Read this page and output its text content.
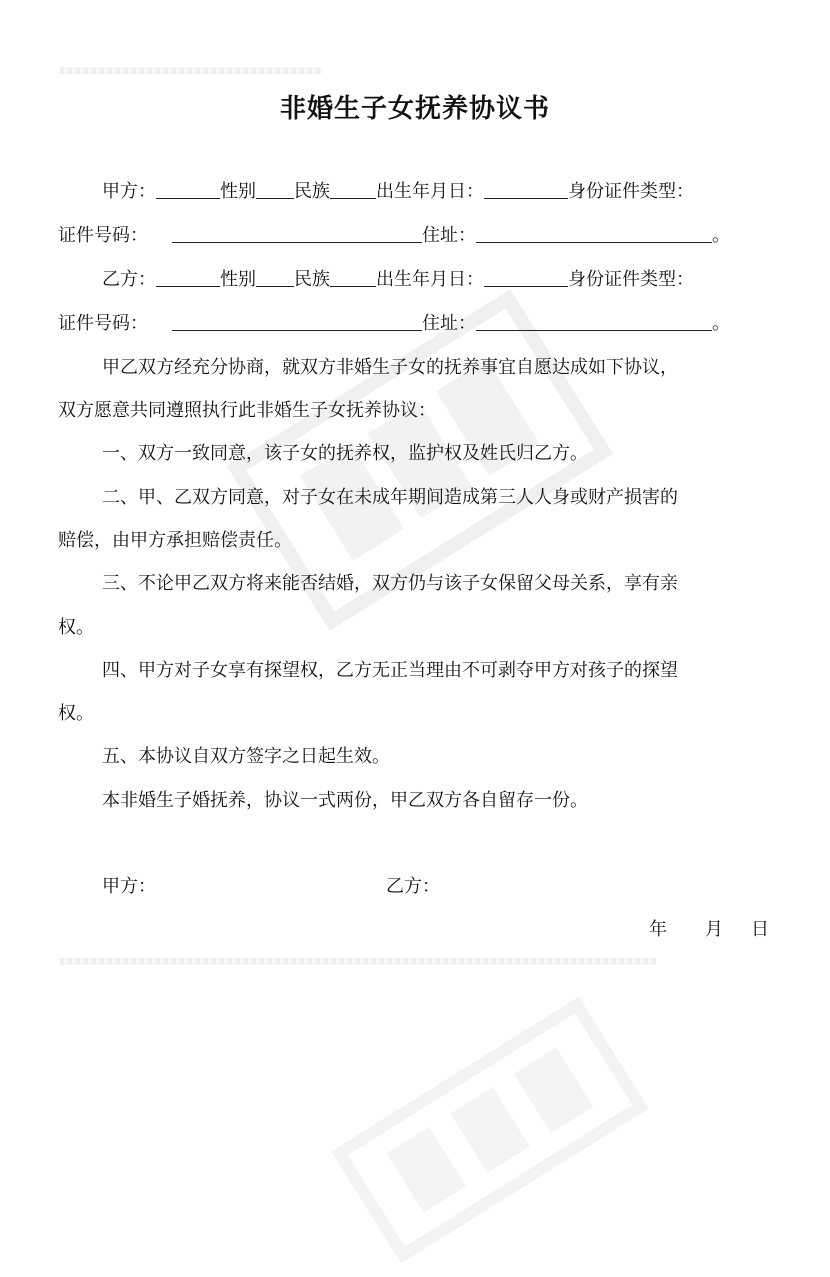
非婚生子女抚养协议书
甲方：	性别 民族	出生年月日：	身份证件类型：
证件号码：	住址：	。
乙方：	性别 民族	出生年月日：	身份证件类型：
证件号码：	住址：	。
甲乙双方经充分协商，就双方非婚生子女的抚养事宜自愿达成如下协议，
双方愿意共同遵照执行此非婚生子女抚养协议：
一、双方一致同意，该子女的抚养权，监护权及姓氏归乙方。
二、甲、乙双方同意，对子女在未成年期间造成第三人人身或财产损害的
赔偿，由甲方承担赔偿责任。
三、不论甲乙双方将来能否结婚，双方仍与该子女保留父母关系，享有亲
权。
四、甲方对子女享有探望权，乙方无正当理由不可剥夺甲方对孩子的探望
权。
五、本协议自双方签字之日起生效。
本非婚生子婚抚养，协议一式两份，甲乙双方各自留存一份。
甲方：	乙方：
年 月 日
